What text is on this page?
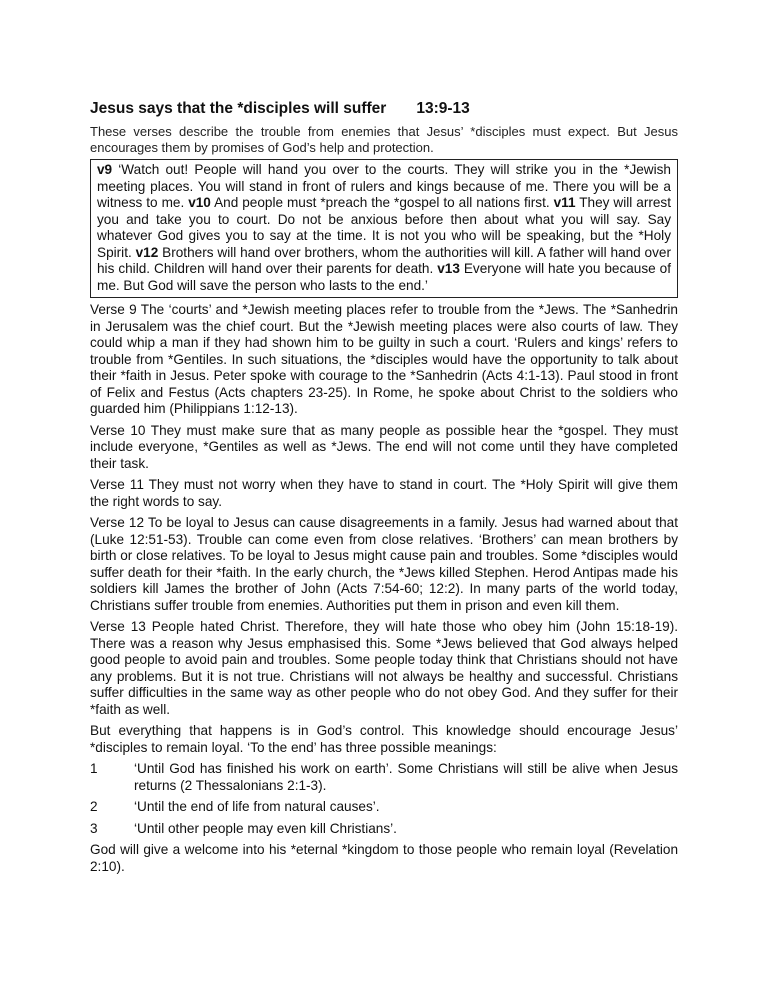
Jesus says that the *disciples will suffer 13:9-13

These verses describe the trouble from enemies that Jesus’ *disciples must expect. But Jesus encourages them by promises of God’s help and protection.

v9 ‘Watch out! People will hand you over to the courts. They will strike you in the *Jewish meeting places. You will stand in front of rulers and kings because of me. There you will be a witness to me. v10 And people must *preach the *gospel to all nations first. v11 They will arrest you and take you to court. Do not be anxious before then about what you will say. Say whatever God gives you to say at the time. It is not you who will be speaking, but the *Holy Spirit. v12 Brothers will hand over brothers, whom the authorities will kill. A father will hand over his child. Children will hand over their parents for death. v13 Everyone will hate you because of me. But God will save the person who lasts to the end.’

Verse 9 The ‘courts’ and *Jewish meeting places refer to trouble from the *Jews. The *Sanhedrin in Jerusalem was the chief court. But the *Jewish meeting places were also courts of law. They could whip a man if they had shown him to be guilty in such a court. ‘Rulers and kings’ refers to trouble from *Gentiles. In such situations, the *disciples would have the opportunity to talk about their *faith in Jesus. Peter spoke with courage to the *Sanhedrin (Acts 4:1-13). Paul stood in front of Felix and Festus (Acts chapters 23-25). In Rome, he spoke about Christ to the soldiers who guarded him (Philippians 1:12-13).

Verse 10 They must make sure that as many people as possible hear the *gospel. They must include everyone, *Gentiles as well as *Jews. The end will not come until they have completed their task.

Verse 11 They must not worry when they have to stand in court. The *Holy Spirit will give them the right words to say.

Verse 12 To be loyal to Jesus can cause disagreements in a family. Jesus had warned about that (Luke 12:51-53). Trouble can come even from close relatives. ‘Brothers’ can mean brothers by birth or close relatives. To be loyal to Jesus might cause pain and troubles. Some *disciples would suffer death for their *faith. In the early church, the *Jews killed Stephen. Herod Antipas made his soldiers kill James the brother of John (Acts 7:54-60; 12:2). In many parts of the world today, Christians suffer trouble from enemies. Authorities put them in prison and even kill them.

Verse 13 People hated Christ. Therefore, they will hate those who obey him (John 15:18-19). There was a reason why Jesus emphasised this. Some *Jews believed that God always helped good people to avoid pain and troubles. Some people today think that Christians should not have any problems. But it is not true. Christians will not always be healthy and successful. Christians suffer difficulties in the same way as other people who do not obey God. And they suffer for their *faith as well.

But everything that happens is in God’s control. This knowledge should encourage Jesus’ *disciples to remain loyal. ‘To the end’ has three possible meanings:

1	‘Until God has finished his work on earth’. Some Christians will still be alive when Jesus returns (2 Thessalonians 2:1-3).
2	‘Until the end of life from natural causes’.
3	‘Until other people may even kill Christians’.

God will give a welcome into his *eternal *kingdom to those people who remain loyal (Revelation 2:10).
